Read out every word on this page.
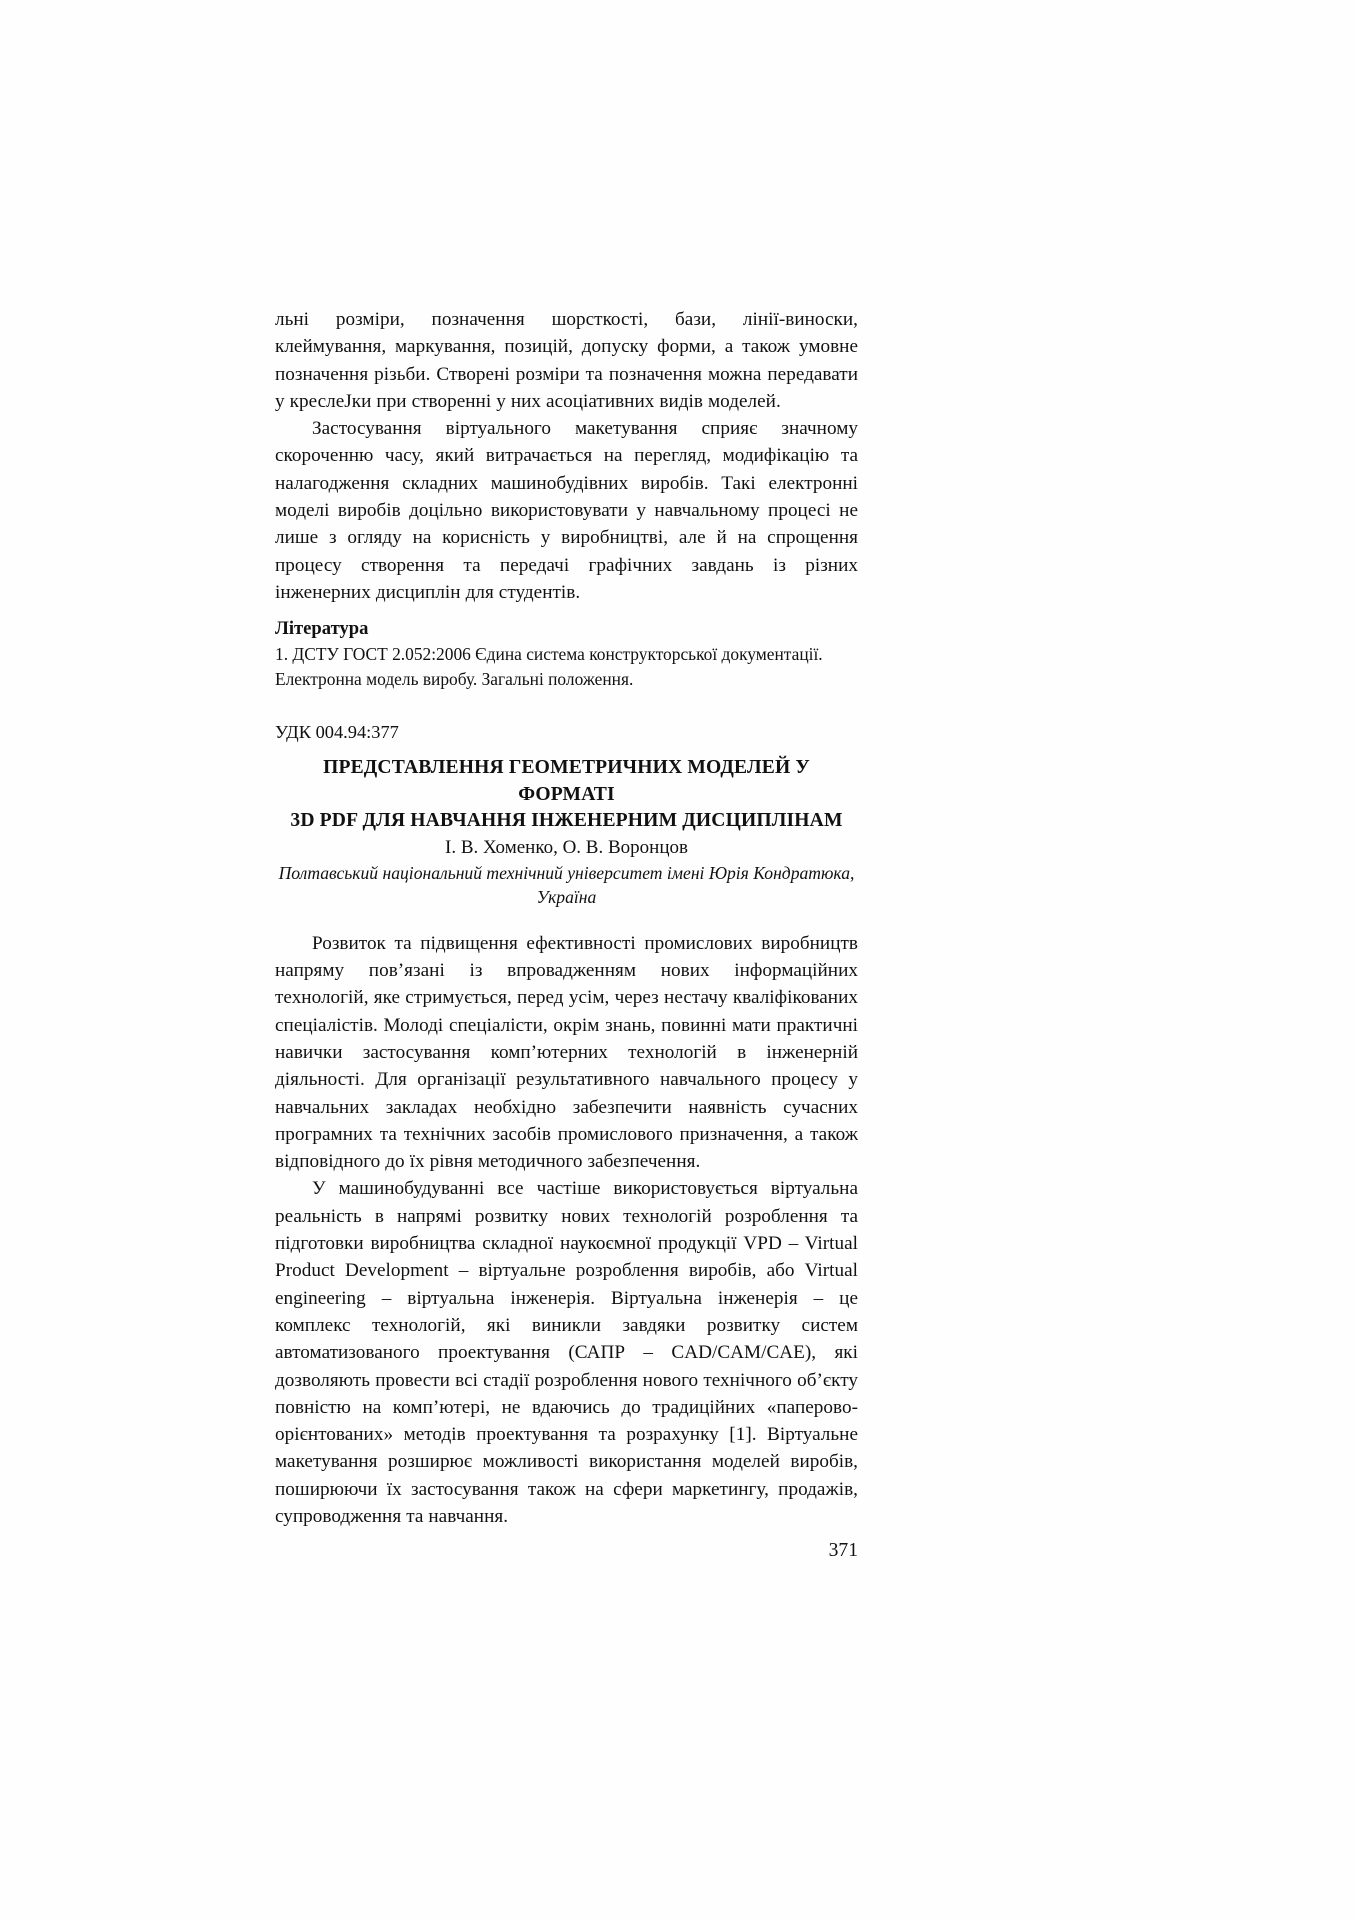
льні розміри, позначення шорсткості, бази, лінії-виноски, клеймування, маркування, позицій, допуску форми, а також умовне позначення різьби. Створені розміри та позначення можна передавати у креслеJки при створенні у них асоціативних видів моделей.

Застосування віртуального макетування сприяє значному скороченню часу, який витрачається на перегляд, модифікацію та налагодження складних машинобудівних виробів. Такі електронні моделі виробів доцільно використовувати у навчальному процесі не лише з огляду на корисність у виробництві, але й на спрощення процесу створення та передачі графічних завдань із різних інженерних дисциплін для студентів.

Література

1. ДСТУ ГОСТ 2.052:2006 Єдина система конструкторської документації. Електронна модель виробу. Загальні положення.

УДК 004.94:377

ПРЕДСТАВЛЕННЯ ГЕОМЕТРИЧНИХ МОДЕЛЕЙ У ФОРМАТІ
3D PDF ДЛЯ НАВЧАННЯ ІНЖЕНЕРНИМ ДИСЦИПЛІНАМ

І. В. Хоменко, О. В. Воронцов

Полтавський національний технічний університет імені Юрія Кондратюка,
Україна

Розвиток та підвищення ефективності промислових виробництв напряму пов’язані із впровадженням нових інформаційних технологій, яке стримується, перед усім, через нестачу кваліфікованих спеціалістів. Молоді спеціалісти, окрім знань, повинні мати практичні навички застосування комп’ютерних технологій в інженерній діяльності. Для організації результативного навчального процесу у навчальних закладах необхідно забезпечити наявність сучасних програмних та технічних засобів промислового призначення, а також відповідного до їх рівня методичного забезпечення.

У машинобудуванні все частіше використовується віртуальна реальність в напрямі розвитку нових технологій розроблення та підготовки виробництва складної наукоємної продукції VPD – Virtual Product Development – віртуальне розроблення виробів, або Virtual engineering – віртуальна інженерія. Віртуальна інженерія – це комплекс технологій, які виникли завдяки розвитку систем автоматизованого проектування (САПР – CAD/CAM/CAE), які дозволяють провести всі стадії розроблення нового технічного об’єкту повністю на комп’ютері, не вдаючись до традиційних «паперово-орієнтованих» методів проектування та розрахунку [1]. Віртуальне макетування розширює можливості використання моделей виробів, поширюючи їх застосування також на сфери маркетингу, продажів, супроводження та навчання.

371
